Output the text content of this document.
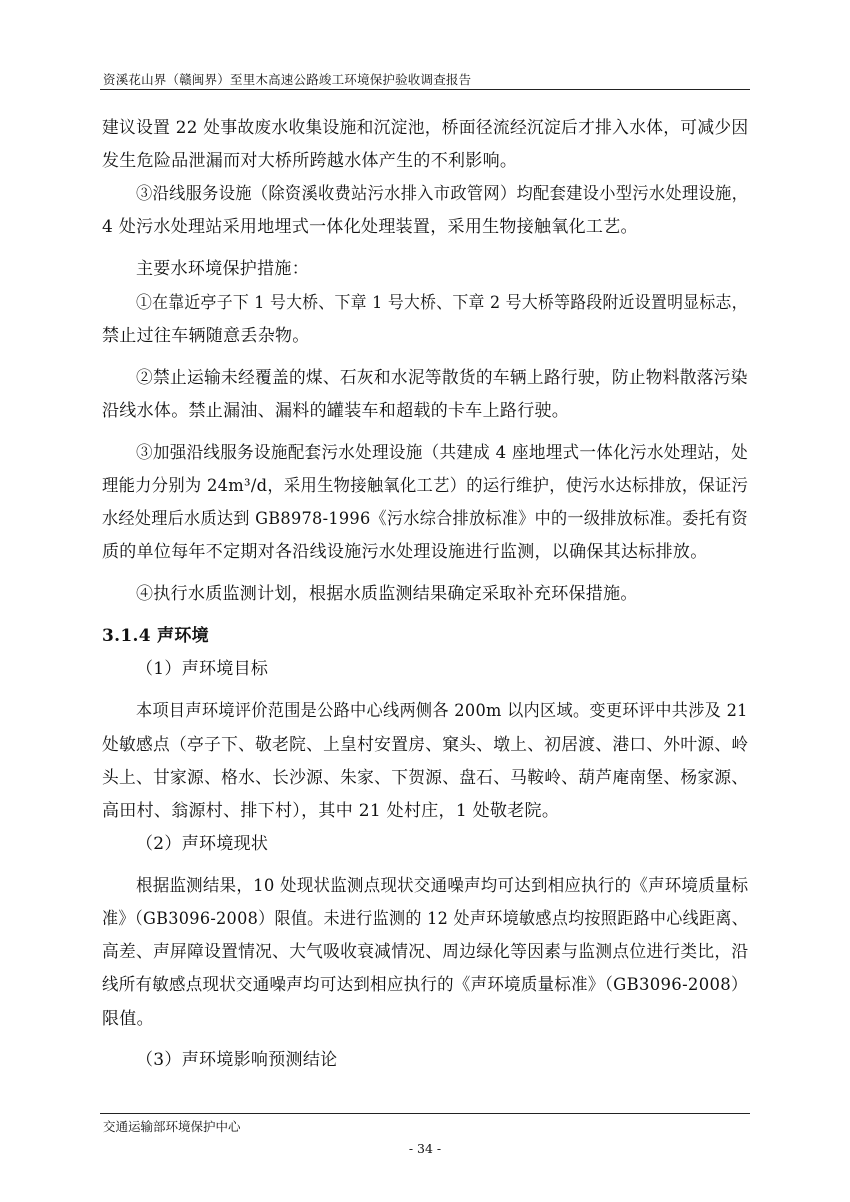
资溪花山界（赣闽界）至里木高速公路竣工环境保护验收调查报告
建议设置 22 处事故废水收集设施和沉淀池，桥面径流经沉淀后才排入水体，可减少因
发生危险品泄漏而对大桥所跨越水体产生的不利影响。
③沿线服务设施（除资溪收费站污水排入市政管网）均配套建设小型污水处理设施，
4 处污水处理站采用地埋式一体化处理装置，采用生物接触氧化工艺。
主要水环境保护措施：
①在靠近亭子下 1 号大桥、下章 1 号大桥、下章 2 号大桥等路段附近设置明显标志，
禁止过往车辆随意丢杂物。
②禁止运输未经覆盖的煤、石灰和水泥等散货的车辆上路行驶，防止物料散落污染
沿线水体。禁止漏油、漏料的罐装车和超载的卡车上路行驶。
③加强沿线服务设施配套污水处理设施（共建成 4 座地埋式一体化污水处理站，处
理能力分别为 24m³/d，采用生物接触氧化工艺）的运行维护，使污水达标排放，保证污
水经处理后水质达到 GB8978-1996《污水综合排放标准》中的一级排放标准。委托有资
质的单位每年不定期对各沿线设施污水处理设施进行监测，以确保其达标排放。
④执行水质监测计划，根据水质监测结果确定采取补充环保措施。
3.1.4 声环境
（1）声环境目标
本项目声环境评价范围是公路中心线两侧各 200m 以内区域。变更环评中共涉及 21
处敏感点（亭子下、敬老院、上皇村安置房、窠头、墩上、初居渡、港口、外叶源、岭
头上、甘家源、格水、长沙源、朱家、下贺源、盘石、马鞍岭、葫芦庵南堡、杨家源、
高田村、翁源村、排下村），其中 21 处村庄，1 处敬老院。
（2）声环境现状
根据监测结果，10 处现状监测点现状交通噪声均可达到相应执行的《声环境质量标
准》（GB3096-2008）限值。未进行监测的 12 处声环境敏感点均按照距路中心线距离、
高差、声屏障设置情况、大气吸收衰减情况、周边绿化等因素与监测点位进行类比，沿
线所有敏感点现状交通噪声均可达到相应执行的《声环境质量标准》（GB3096-2008）
限值。
（3）声环境影响预测结论
交通运输部环境保护中心
- 34 -
